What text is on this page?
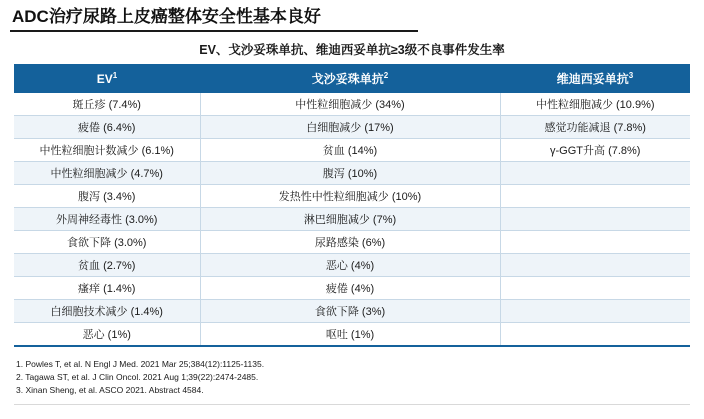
ADC治疗尿路上皮癌整体安全性基本良好
EV、戈沙妥珠单抗、维迪西妥单抗≥3级不良事件发生率
$EV^1$	戈沙妥珠单抗$^2$	维迪西妥单抗$^3$
斑丘疹 (7.4%)	中性粒细胞减少 (34%)	中性粒细胞减少 (10.9%)
疲倦 (6.4%)	白细胞减少 (17%)	感觉功能减退 (7.8%)
中性粒细胞计数减少 (6.1%)	贫血 (14%)	γ-GGT升高 (7.8%)
中性粒细胞减少 (4.7%)	腹泻 (10%)	
腹泻 (3.4%)	发热性中性粒细胞减少 (10%)	
外周神经毒性 (3.0%)	淋巴细胞减少 (7%)	
食欲下降 (3.0%)	尿路感染 (6%)	
贫血 (2.7%)	恶心 (4%)	
瘙痒 (1.4%)	疲倦 (4%)	
白细胞技术减少 (1.4%)	食欲下降 (3%)	
恶心 (1%)	呕吐 (1%)	
1. Powles T, et al. N Engl J Med. 2021 Mar 25;384(12):1125-1135.
2. Tagawa ST, et al. J Clin Oncol. 2021 Aug 1;39(22):2474-2485.
3. Xinan Sheng, et al. ASCO 2021. Abstract 4584.
